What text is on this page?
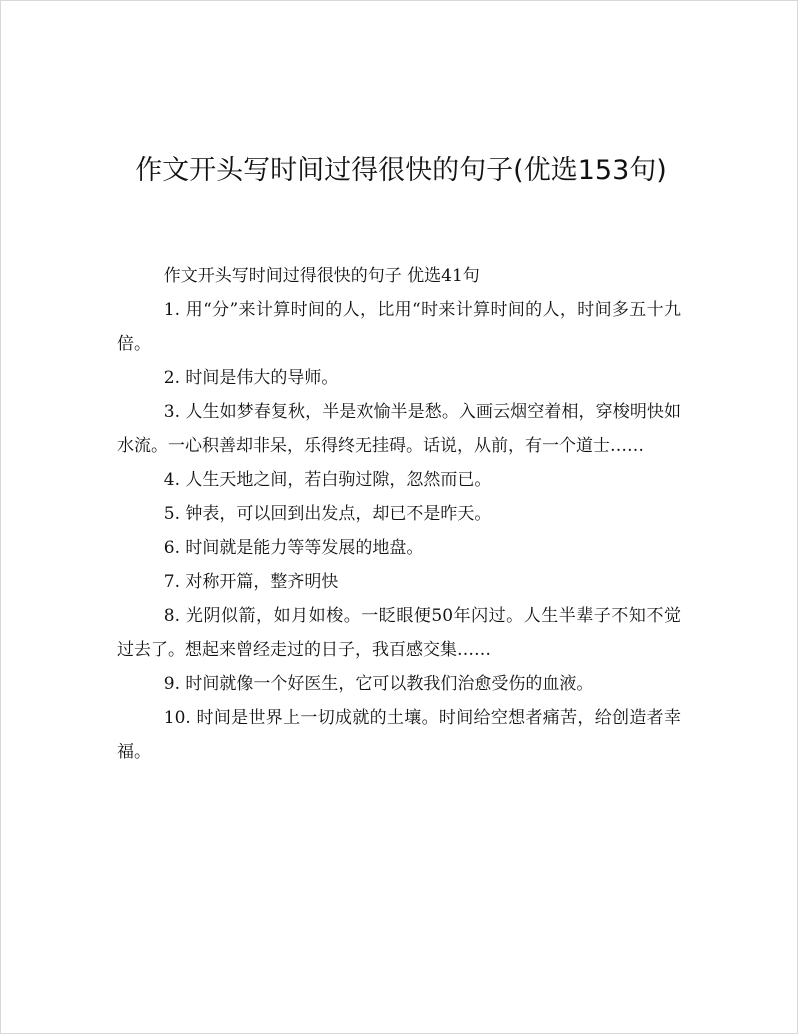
作文开头写时间过得很快的句子(优选153句)

作文开头写时间过得很快的句子 优选41句

1. 用“分”来计算时间的人，比用“时来计算时间的人，时间多五十九倍。

2. 时间是伟大的导师。

3. 人生如梦春复秋，半是欢愉半是愁。入画云烟空着相，穿梭明快如水流。一心积善却非呆，乐得终无挂碍。话说，从前，有一个道士……

4. 人生天地之间，若白驹过隙，忽然而已。

5. 钟表，可以回到出发点，却已不是昨天。

6. 时间就是能力等等发展的地盘。

7. 对称开篇，整齐明快

8. 光阴似箭，如月如梭。一眨眼便50年闪过。人生半辈子不知不觉过去了。想起来曾经走过的日子，我百感交集……

9. 时间就像一个好医生，它可以教我们治愈受伤的血液。

10. 时间是世界上一切成就的土壤。时间给空想者痛苦，给创造者幸福。
